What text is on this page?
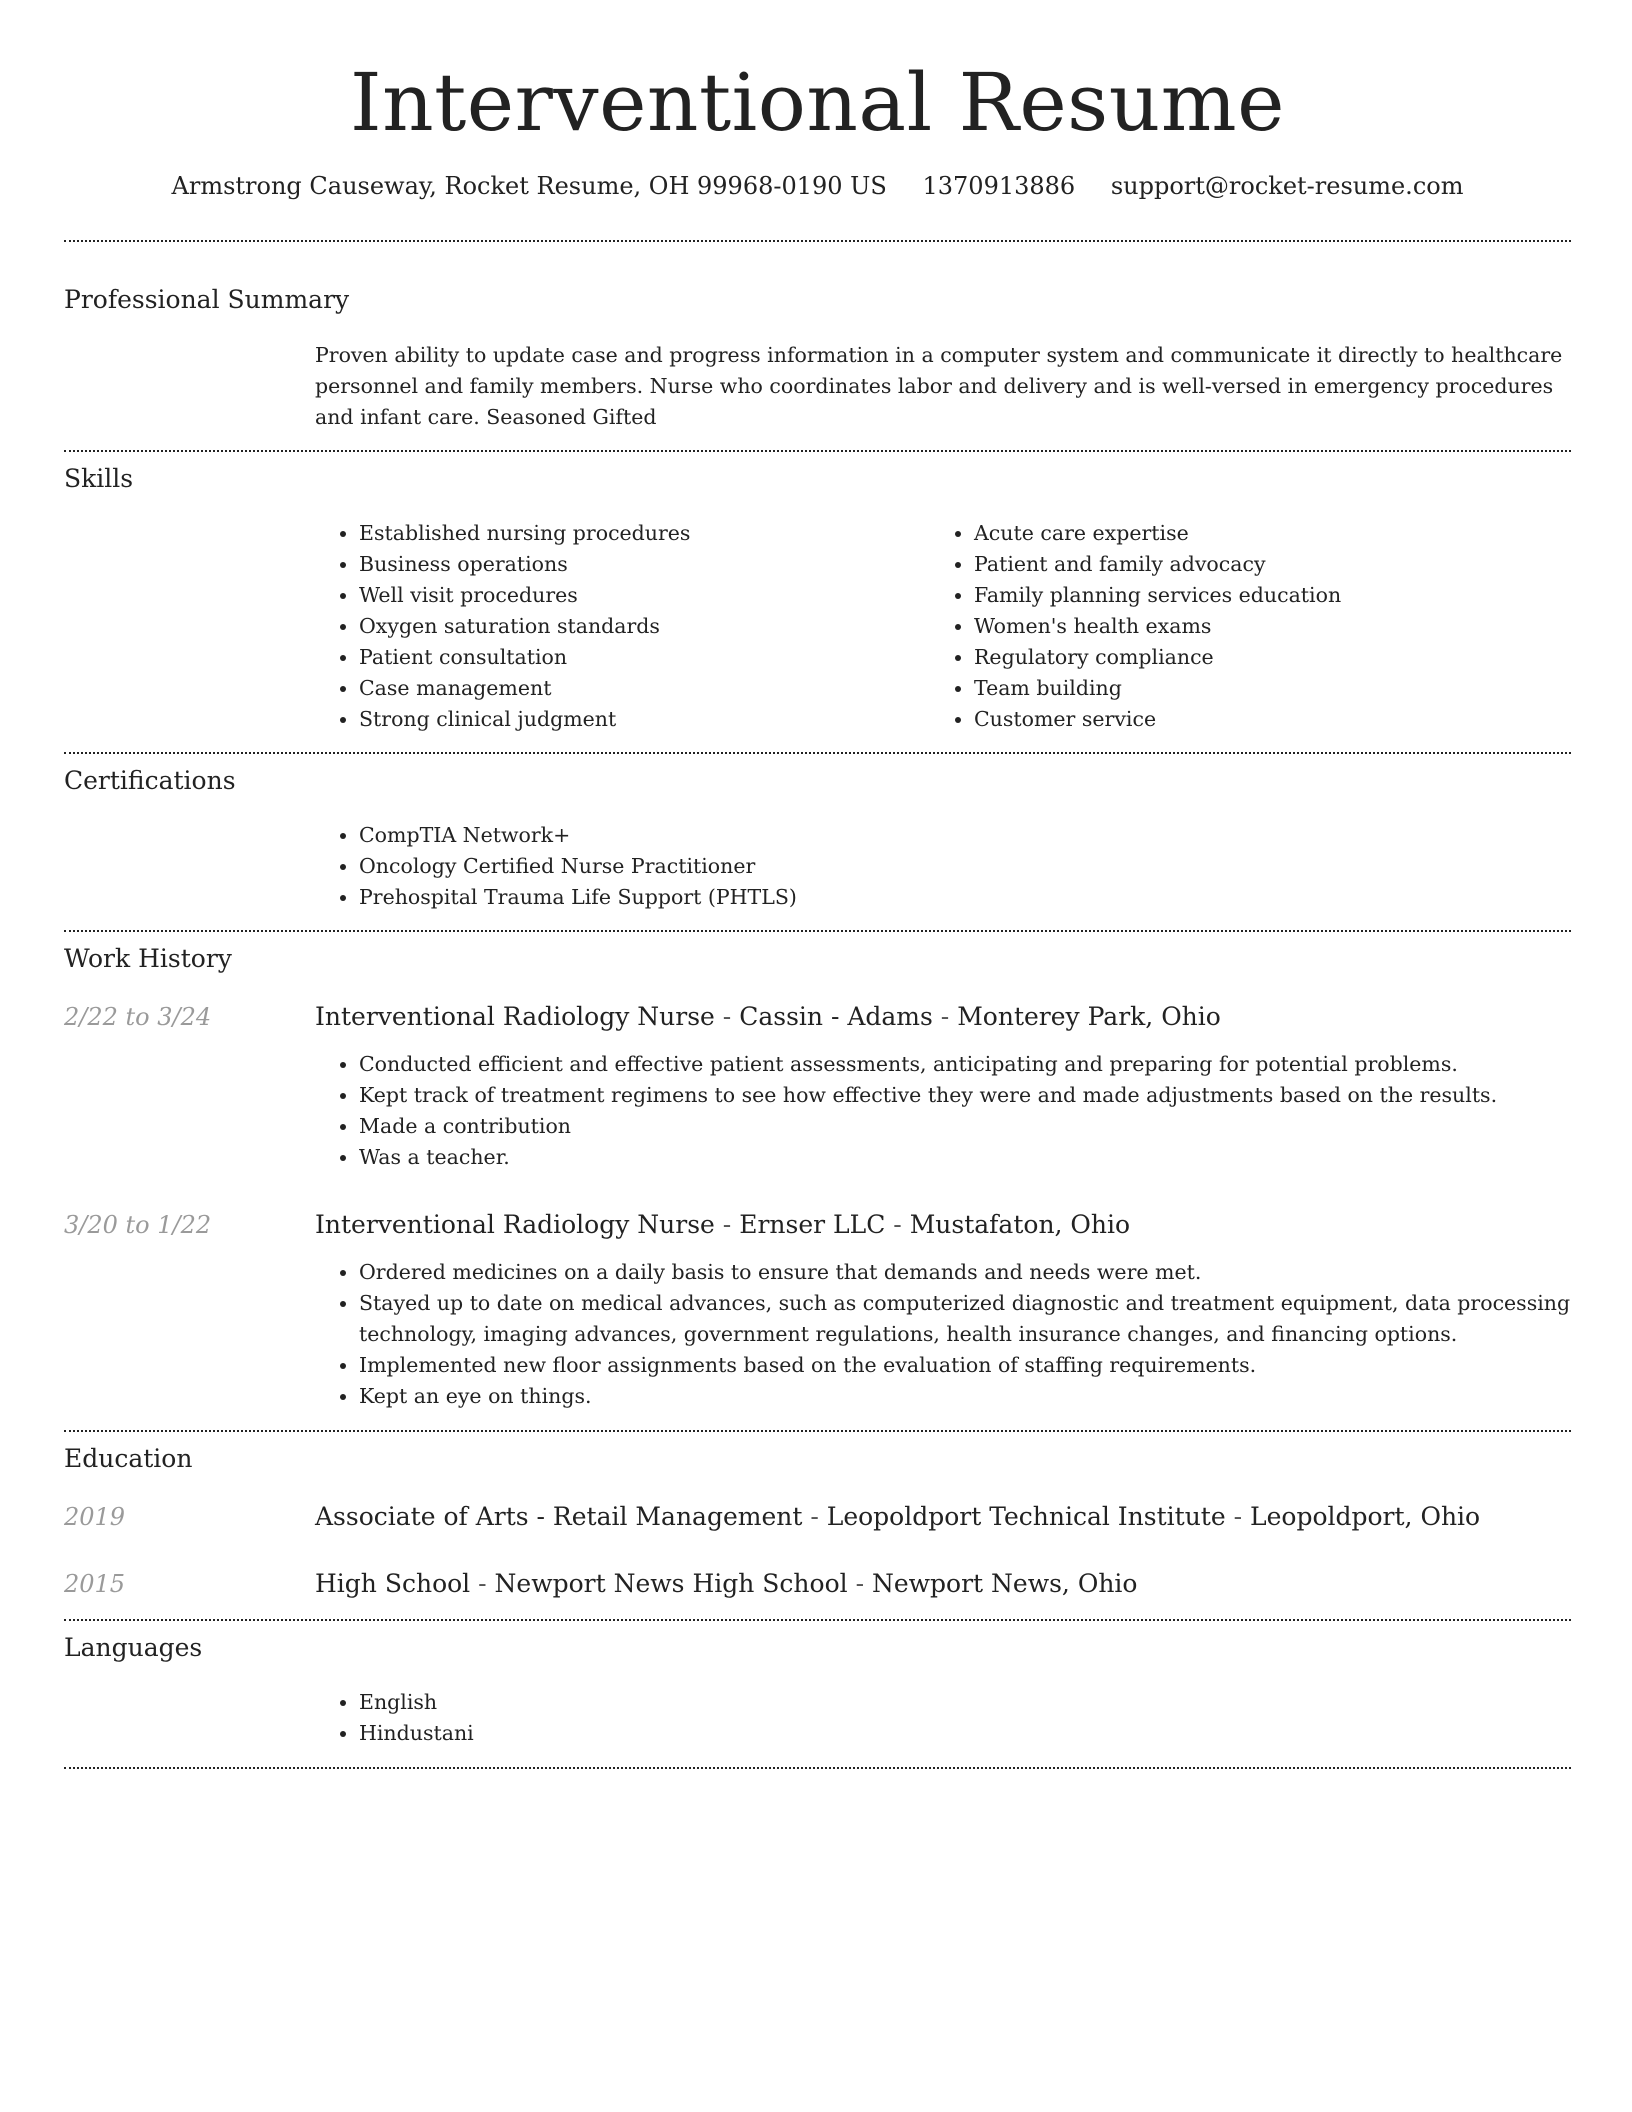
Interventional Resume
Armstrong Causeway, Rocket Resume, OH 99968-0190 US 1370913886 support@rocket-resume.com
Professional Summary

Proven ability to update case and progress information in a computer system and communicate it directly to healthcare personnel and family members. Nurse who coordinates labor and delivery and is well-versed in emergency procedures and infant care. Seasoned Gifted

Skills
• Established nursing procedures
• Business operations
• Well visit procedures
• Oxygen saturation standards
• Patient consultation
• Case management
• Strong clinical judgment
• Acute care expertise
• Patient and family advocacy
• Family planning services education
• Women's health exams
• Regulatory compliance
• Team building
• Customer service
Certifications
• CompTIA Network+
• Oncology Certified Nurse Practitioner
• Prehospital Trauma Life Support (PHTLS)
Work History
2/22 to 3/24	Interventional Radiology Nurse - Cassin - Adams - Monterey Park, Ohio
• Conducted efficient and effective patient assessments, anticipating and preparing for potential problems.
• Kept track of treatment regimens to see how effective they were and made adjustments based on the results.
• Made a contribution
• Was a teacher.
3/20 to 1/22	Interventional Radiology Nurse - Ernser LLC - Mustafaton, Ohio
• Ordered medicines on a daily basis to ensure that demands and needs were met.
• Stayed up to date on medical advances, such as computerized diagnostic and treatment equipment, data processing technology, imaging advances, government regulations, health insurance changes, and financing options.
• Implemented new floor assignments based on the evaluation of staffing requirements.
• Kept an eye on things.
Education
2019	Associate of Arts - Retail Management - Leopoldport Technical Institute - Leopoldport, Ohio
2015	High School - Newport News High School - Newport News, Ohio
Languages
• English
• Hindustani
